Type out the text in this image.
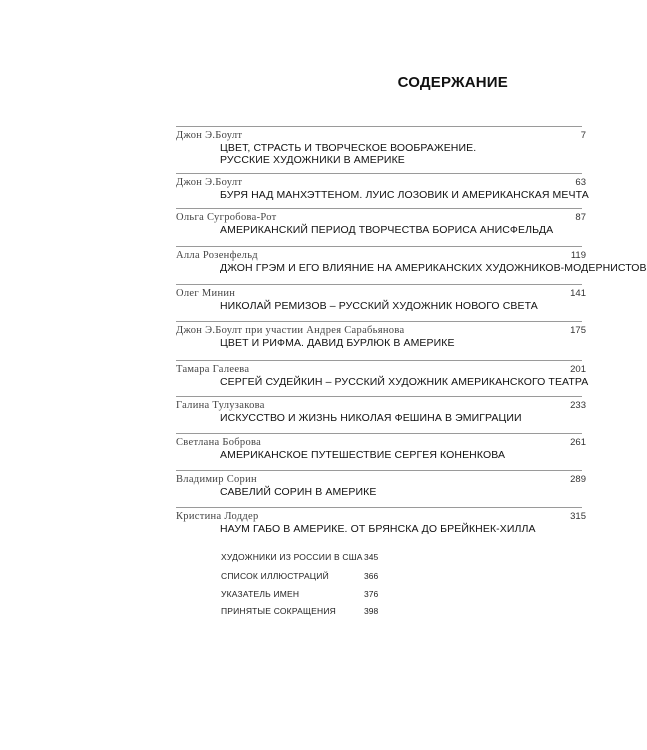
СОДЕРЖАНИЕ
Джон Э.Боулт	7
ЦВЕТ, СТРАСТЬ И ТВОРЧЕСКОЕ ВООБРАЖЕНИЕ.
РУССКИЕ ХУДОЖНИКИ В АМЕРИКЕ
Джон Э.Боулт	63
БУРЯ НАД МАНХЭТТЕНОМ. ЛУИС ЛОЗОВИК И АМЕРИКАНСКАЯ МЕЧТА
Ольга Сугробова-Рот	87
АМЕРИКАНСКИЙ ПЕРИОД ТВОРЧЕСТВА БОРИСА АНИСФЕЛЬДА
Алла Розенфельд	119
ДЖОН ГРЭМ И ЕГО ВЛИЯНИЕ НА АМЕРИКАНСКИХ ХУДОЖНИКОВ-МОДЕРНИСТОВ
Олег Минин	141
НИКОЛАЙ РЕМИЗОВ – РУССКИЙ ХУДОЖНИК НОВОГО СВЕТА
Джон Э.Боулт при участии Андрея Сарабьянова	175
ЦВЕТ И РИФМА. ДАВИД БУРЛЮК В АМЕРИКЕ
Тамара Галеева	201
СЕРГЕЙ СУДЕЙКИН – РУССКИЙ ХУДОЖНИК АМЕРИКАНСКОГО ТЕАТРА
Галина Тулузакова	233
ИСКУССТВО И ЖИЗНЬ НИКОЛАЯ ФЕШИНА В ЭМИГРАЦИИ
Светлана Боброва	261
АМЕРИКАНСКОЕ ПУТЕШЕСТВИЕ СЕРГЕЯ КОНЕНКОВА
Владимир Сорин	289
САВЕЛИЙ СОРИН В АМЕРИКЕ
Кристина Лоддер	315
НАУМ ГАБО В АМЕРИКЕ. ОТ БРЯНСКА ДО БРЕЙКНЕК-ХИЛЛА
ХУДОЖНИКИ ИЗ РОССИИ В США 345
СПИСОК ИЛЛЮСТРАЦИЙ	366
УКАЗАТЕЛЬ ИМЕН	376
ПРИНЯТЫЕ СОКРАЩЕНИЯ	398
